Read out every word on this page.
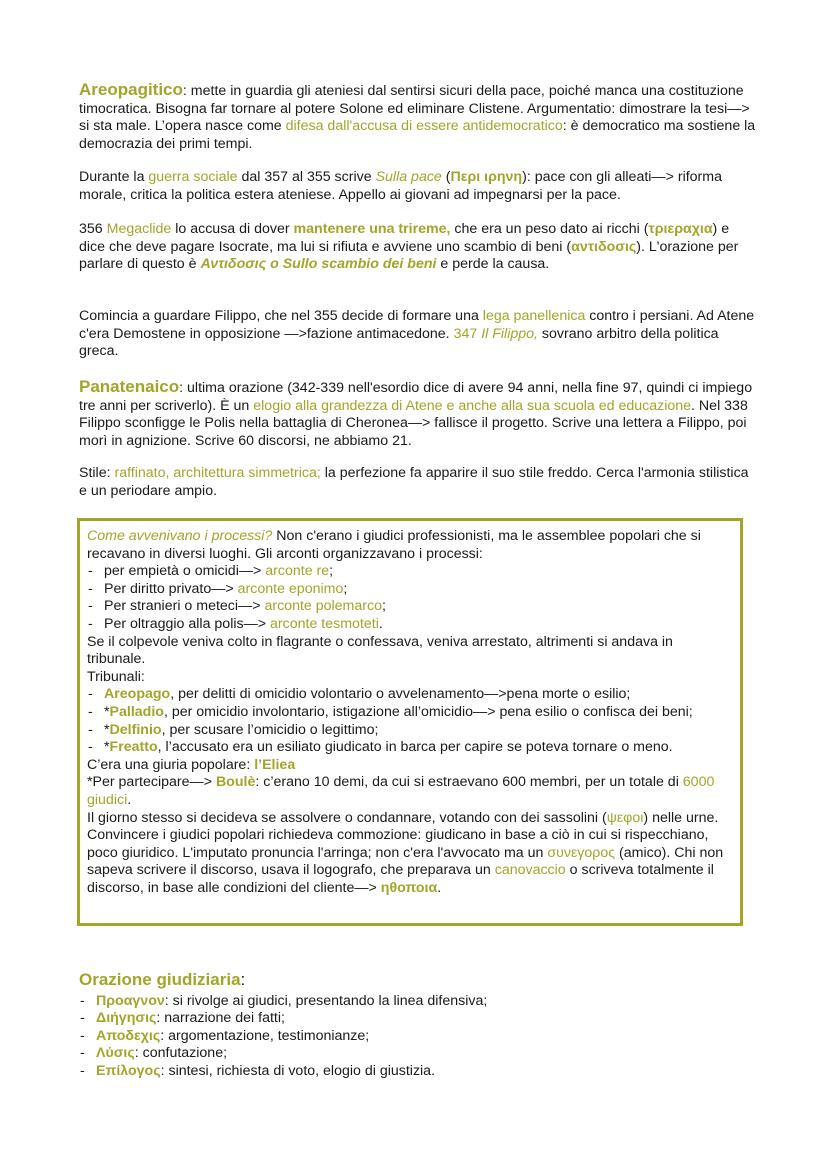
Areopagitico: mette in guardia gli ateniesi dal sentirsi sicuri della pace, poiché manca una costituzione timocratica. Bisogna far tornare al potere Solone ed eliminare Clistene. Argumentatio: dimostrare la tesi—> si sta male. L’opera nasce come difesa dall'accusa di essere antidemocratico: è democratico ma sostiene la democrazia dei primi tempi.

Durante la guerra sociale dal 357 al 355 scrive Sulla pace (Περι ιρηνη): pace con gli alleati—> riforma morale, critica la politica estera ateniese. Appello ai giovani ad impegnarsi per la pace.

356 Megaclide lo accusa di dover mantenere una trireme, che era un peso dato ai ricchi (τριεραχια) e dice che deve pagare Isocrate, ma lui si rifiuta e avviene uno scambio di beni (αντιδοσις). L'orazione per parlare di questo è Αντιδοσις o Sullo scambio dei beni e perde la causa.

Comincia a guardare Filippo, che nel 355 decide di formare una lega panellenica contro i persiani. Ad Atene c'era Demostene in opposizione —>fazione antimacedone. 347 Il Filippo, sovrano arbitro della politica greca.

Panatenaico: ultima orazione (342-339 nell'esordio dice di avere 94 anni, nella fine 97, quindi ci impiego tre anni per scriverlo). È un elogio alla grandezza di Atene e anche alla sua scuola ed educazione. Nel 338 Filippo sconfigge le Polis nella battaglia di Cheronea—> fallisce il progetto. Scrive una lettera a Filippo, poi morì in agnizione. Scrive 60 discorsi, ne abbiamo 21.

Stile: raffinato, architettura simmetrica; la perfezione fa apparire il suo stile freddo. Cerca l'armonia stilistica e un periodare ampio.

Come avvenivano i processi? Non c'erano i giudici professionisti, ma le assemblee popolari che si recavano in diversi luoghi. Gli arconti organizzavano i processi:

- per empietà o omicidi—> arconte re;
- Per diritto privato—> arconte eponimo;
- Per stranieri o meteci—> arconte polemarco;
- Per oltraggio alla polis—> arconte tesmoteti.

Se il colpevole veniva colto in flagrante o confessava, veniva arrestato, altrimenti si andava in tribunale.

Tribunali:

- Areopago, per delitti di omicidio volontario o avvelenamento—>pena morte o esilio;
- *Palladio, per omicidio involontario, istigazione all’omicidio—> pena esilio o confisca dei beni;
- *Delfinio, per scusare l’omicidio o legittimo;
- *Freatto, l’accusato era un esiliato giudicato in barca per capire se poteva tornare o meno.

C’era una giuria popolare: l’Eliea

*Per partecipare—> Boulè: c’erano 10 demi, da cui si estraevano 600 membri, per un totale di 6000 giudici.

Il giorno stesso si decideva se assolvere o condannare, votando con dei sassolini (ψεφοι) nelle urne.

Convincere i giudici popolari richiedeva commozione: giudicano in base a ciò in cui si rispecchiano, poco giuridico. L'imputato pronuncia l'arringa; non c'era l'avvocato ma un συνεγορος (amico). Chi non sapeva scrivere il discorso, usava il logografo, che preparava un canovaccio o scriveva totalmente il discorso, in base alle condizioni del cliente—> ηθοποια.

Orazione giudiziaria:
- Προαγνον: si rivolge ai giudici, presentando la linea difensiva;
- Διήγησις: narrazione dei fatti;
- Αποδεχις: argomentazione, testimonianze;
- Λύσις: confutazione;
- Επίλογος: sintesi, richiesta di voto, elogio di giustizia.
